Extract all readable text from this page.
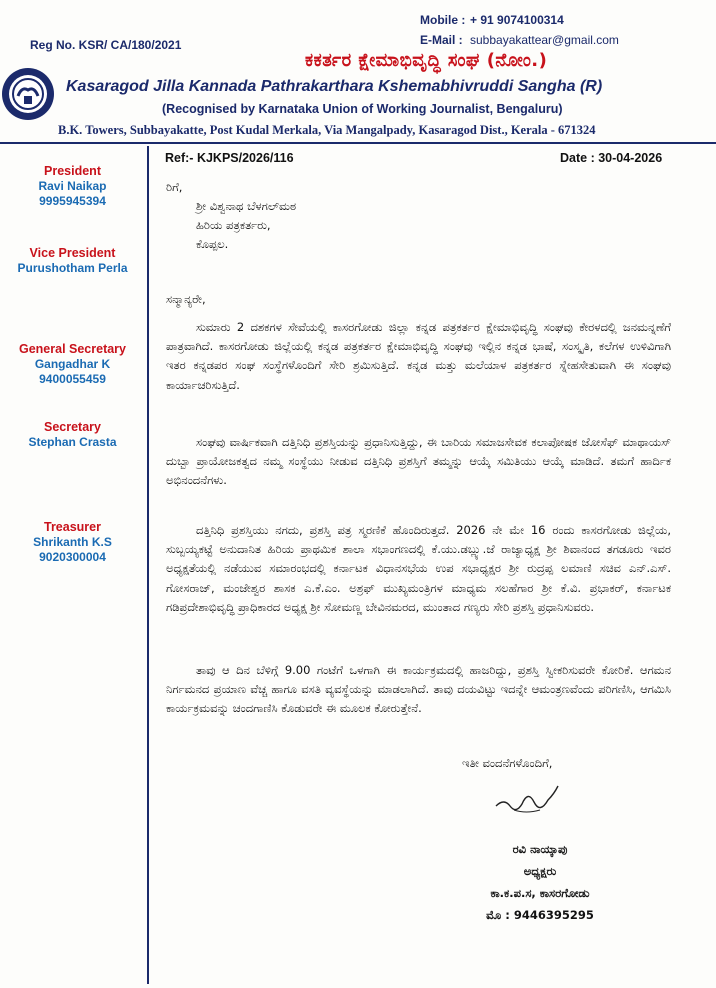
Reg No. KSR/ CA/180/2021
Mobile : + 91 9074100314
E-Mail : subbayakattear@gmail.com
ಕಕರ್ತರ ಕ್ಷೇಮಾಭಿವೃದ್ಧಿ ಸಂಘ (ನೋಂ.)
Kasaragod Jilla Kannada Pathrakarthara Kshemabhivruddi Sangha (R)
(Recognised by Karnataka Union of Working Journalist, Bengaluru)
B.K. Towers, Subbayakatte, Post Kudal Merkala, Via Mangalpady, Kasaragod Dist., Kerala - 671324
President
Ravi Naikap
9995945394
Vice President
Purushotham Perla
General Secretary
Gangadhar K
9400055459
Secretary
Stephan Crasta
Treasurer
Shrikanth K.S
9020300004
Ref:- KJKPS/2026/116	Date : 30-04-2026
ರಿಗೆ,
ಶ್ರೀ ವಿಶ್ವನಾಥ ಬೆಳಗಲ್‌ಮಠ
ಹಿರಿಯ ಪತ್ರಕರ್ತರು,
ಕೊಪ್ಪಲ.
ಸನ್ಮಾನ್ಯರೇ,
ಸುಮಾರು 2 ದಶಕಗಳ ಸೇವೆಯಲ್ಲಿ ಕಾಸರಗೋಡು ಜಿಲ್ಲಾ ಕನ್ನಡ ಪತ್ರಕರ್ತರ ಕ್ಷೇಮಾಭಿವೃದ್ಧಿ ಸಂಘವು ಕೇರಳದಲ್ಲಿ ಜನಮನ್ನಣೆಗೆ ಪಾತ್ರವಾಗಿದೆ. ಕಾಸರಗೋಡು ಜಿಲ್ಲೆಯಲ್ಲಿ ಕನ್ನಡ ಪತ್ರಕರ್ತರ ಕ್ಷೇಮಾಭಿವೃದ್ಧಿ ಸಂಘವು ಇಲ್ಲಿನ ಕನ್ನಡ ಭಾಷೆ, ಸಂಸ್ಕೃತಿ, ಕಲೆಗಳ ಉಳಿವಿಗಾಗಿ ಇತರ ಕನ್ನಡಪರ ಸಂಘ ಸಂಸ್ಥೆಗಳೊಂದಿಗೆ ಸೇರಿ ಶ್ರಮಿಸುತ್ತಿದೆ. ಕನ್ನಡ ಮತ್ತು ಮಲೆಯಾಳ ಪತ್ರಕರ್ತರ ಸ್ನೇಹಸೇತುವಾಗಿ ಈ ಸಂಘವು ಕಾರ್ಯಾಚರಿಸುತ್ತಿದೆ.
ಸಂಘವು ವಾರ್ಷಿಕವಾಗಿ ದತ್ತಿನಿಧಿ ಪ್ರಶಸ್ತಿಯನ್ನು ಪ್ರಧಾನಿಸುತ್ತಿದ್ದು, ಈ ಬಾರಿಯ ಸಮಾಜಸೇವಕ ಕಲಾಪೋಷಕ ಜೋಸೆಫ್ ಮಾಥಾಯಸ್ ದುಬ್ಬಾ ಪ್ರಾಯೋಜಕತ್ವದ ನಮ್ಮ ಸಂಸ್ಥೆಯು ನೀಡುವ ದತ್ತಿನಿಧಿ ಪ್ರಶಸ್ತಿಗೆ ತಮ್ಮನ್ನು ಆಯ್ಕೆ ಸಮಿತಿಯು ಆಯ್ಕೆ ಮಾಡಿದೆ. ತಮಗೆ ಹಾರ್ದಿಕ ಅಭಿನಂದನೆಗಳು.
ದತ್ತಿನಿಧಿ ಪ್ರಶಸ್ತಿಯು ನಗದು, ಪ್ರಶಸ್ತಿ ಪತ್ರ ಸ್ಮರಣಿಕೆ ಹೊಂದಿರುತ್ತದೆ. 2026 ನೇ ಮೇ 16 ರಂದು ಕಾಸರಗೋಡು ಜಿಲ್ಲೆಯ, ಸುಬ್ಬಯ್ಯಕಟ್ಟೆ ಅನುದಾನಿತ ಹಿರಿಯ ಪ್ರಾಥಮಿಕ ಶಾಲಾ ಸಭಾಂಗಣದಲ್ಲಿ ಕೆ.ಯು.ಡಬ್ಲ್ಯು.ಜೆ ರಾಜ್ಯಾಧ್ಯಕ್ಷ ಶ್ರೀ ಶಿವಾನಂದ ತಗಡೂರು ಇವರ ಅಧ್ಯಕ್ಷತೆಯಲ್ಲಿ ನಡೆಯುವ ಸಮಾರಂಭದಲ್ಲಿ ಕರ್ನಾಟಕ ವಿಧಾನಸಭೆಯ ಉಪ ಸಭಾಧ್ಯಕ್ಷರ ಶ್ರೀ ರುದ್ರಪ್ಪ ಲಮಾಣಿ ಸಚಿವ ಎನ್.ಎಸ್. ಗೋಸರಾಜ್, ಮಂಜೇಶ್ವರ ಶಾಸಕ ಎ.ಕೆ.ಎಂ. ಅಶ್ರಫ್ ಮುಖ್ಯಮಂತ್ರಿಗಳ ಮಾಧ್ಯಮ ಸಲಹೆಗಾರ ಶ್ರೀ ಕೆ.ವಿ. ಪ್ರಭಾಕರ್, ಕರ್ನಾಟಕ ಗಡಿಪ್ರದೇಶಾಭಿವೃದ್ಧಿ ಪ್ರಾಧಿಕಾರದ ಅಧ್ಯಕ್ಷ ಶ್ರೀ ಸೋಮಣ್ಣ ಬೇವಿನಮರದ, ಮುಂತಾದ ಗಣ್ಯರು ಸೇರಿ ಪ್ರಶಸ್ತಿ ಪ್ರಧಾನಿಸುವರು.
ತಾವು ಆ ದಿನ ಬೆಳಿಗ್ಗೆ 9.00 ಗಂಟೆಗೆ ಒಳಗಾಗಿ ಈ ಕಾರ್ಯಕ್ರಮದಲ್ಲಿ ಹಾಜರಿದ್ದು, ಪ್ರಶಸ್ತಿ ಸ್ವೀಕರಿಸುವರೇ ಕೋರಿಕೆ. ಆಗಮನ ನಿರ್ಗಮನದ ಪ್ರಯಾಣ ವೆಚ್ಚ ಹಾಗೂ ವಸತಿ ವ್ಯವಸ್ಥೆಯನ್ನು ಮಾಡಲಾಗಿದೆ. ತಾವು ದಯವಿಟ್ಟು ಇದನ್ನೇ ಆಮಂತ್ರಣವೆಂದು ಪರಿಗಣಿಸಿ, ಆಗಮಿಸಿ ಕಾರ್ಯಕ್ರಮವನ್ನು ಚಂದಗಾಣಿಸಿ ಕೊಡುವರೇ ಈ ಮೂಲಕ ಕೋರುತ್ತೇನೆ.
ಇತೀ ವಂದನೆಗಳೊಂದಿಗೆ,
ರವಿ ನಾಯ್ಕಾಪು
ಅಧ್ಯಕ್ಷರು
ಕಾ.ಕ.ಪ.ಸ, ಕಾಸರಗೋಡು
ಮೊ : 9446395295
